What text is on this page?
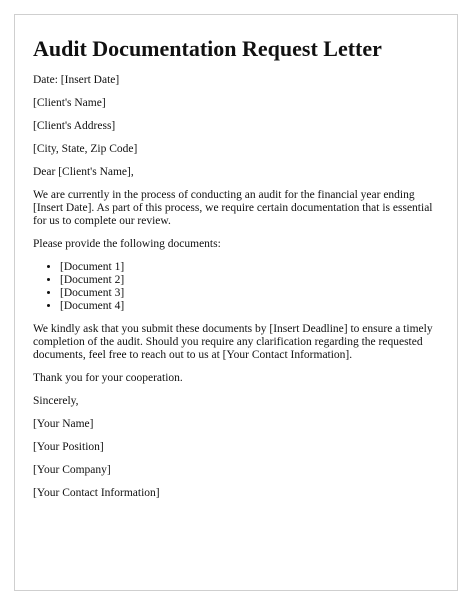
Audit Documentation Request Letter

Date: [Insert Date]

[Client's Name]

[Client's Address]

[City, State, Zip Code]

Dear [Client's Name],

We are currently in the process of conducting an audit for the financial year ending [Insert Date]. As part of this process, we require certain documentation that is essential for us to complete our review.

Please provide the following documents:

• [Document 1]
• [Document 2]
• [Document 3]
• [Document 4]

We kindly ask that you submit these documents by [Insert Deadline] to ensure a timely completion of the audit. Should you require any clarification regarding the requested documents, feel free to reach out to us at [Your Contact Information].

Thank you for your cooperation.

Sincerely,

[Your Name]

[Your Position]

[Your Company]

[Your Contact Information]
